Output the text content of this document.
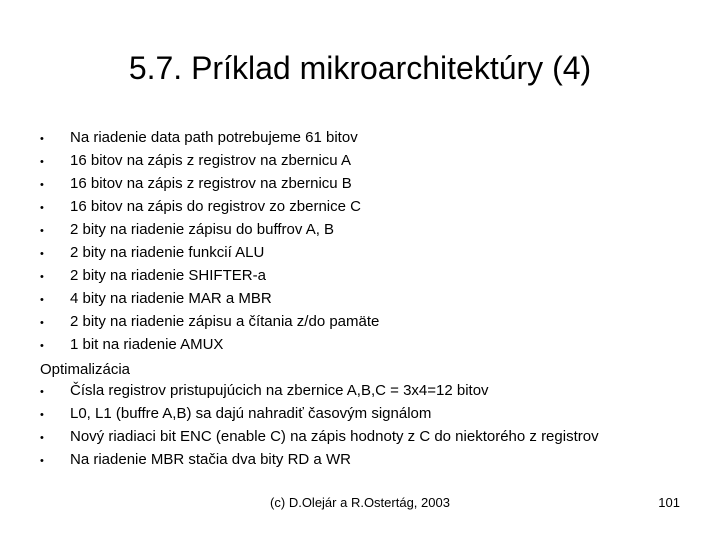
5.7. Príklad mikroarchitektúry (4)
•	Na riadenie data path potrebujeme 61 bitov
•	16 bitov na zápis z registrov na zbernicu A
•	16 bitov na zápis z registrov na zbernicu B
•	16 bitov na zápis do registrov zo zbernice C
•	2 bity na riadenie zápisu do buffrov A, B
•	2 bity na riadenie funkcií ALU
•	2 bity na riadenie SHIFTER-a
•	4 bity na riadenie MAR a MBR
•	2 bity na riadenie zápisu a čítania z/do pamäte
•	1 bit na riadenie AMUX
Optimalizácia
•	Čísla registrov pristupujúcich na zbernice A,B,C = 3x4=12 bitov
•	L0, L1 (buffre A,B) sa dajú nahradiť časovým signálom
•	Nový riadiaci bit ENC (enable C) na zápis hodnoty z C do niektorého z registrov
•	Na riadenie MBR stačia dva bity RD a WR
(c) D.Olejár a R.Ostertág, 2003	101
